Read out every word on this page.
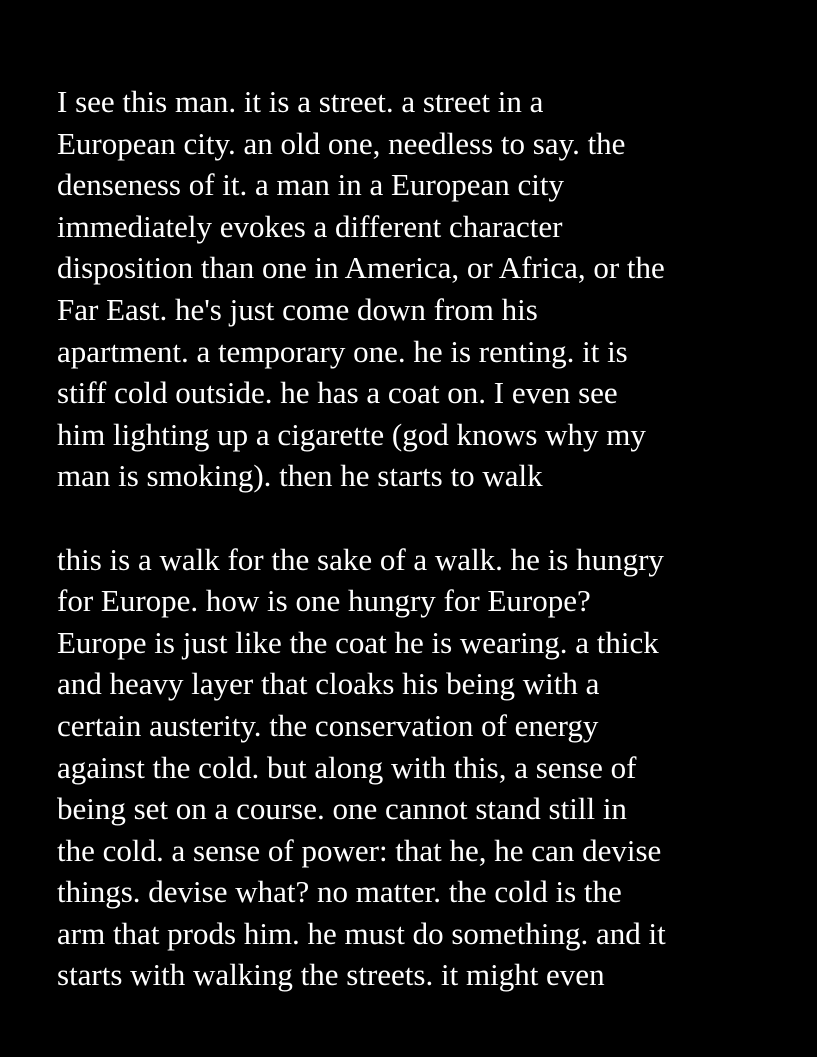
I see this man. it is a street. a street in a
European city. an old one, needless to say. the
denseness of it. a man in a European city
immediately evokes a different character
disposition than one in America, or Africa, or the
Far East. he's just come down from his
apartment. a temporary one. he is renting. it is
stiff cold outside. he has a coat on. I even see
him lighting up a cigarette (god knows why my
man is smoking). then he starts to walk

this is a walk for the sake of a walk. he is hungry
for Europe. how is one hungry for Europe?
Europe is just like the coat he is wearing. a thick
and heavy layer that cloaks his being with a
certain austerity. the conservation of energy
against the cold. but along with this, a sense of
being set on a course. one cannot stand still in
the cold. a sense of power: that he, he can devise
things. devise what? no matter. the cold is the
arm that prods him. he must do something. and it
starts with walking the streets. it might even
